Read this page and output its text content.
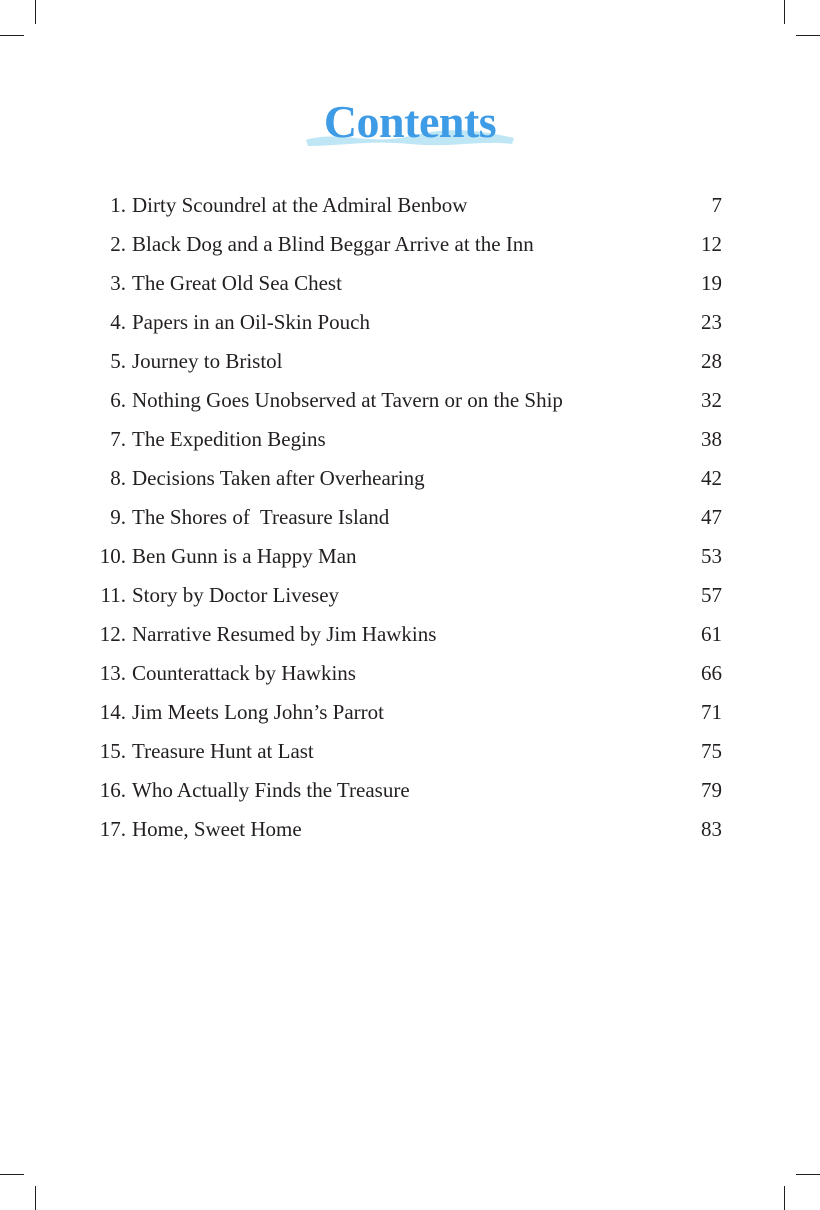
Contents
1. Dirty Scoundrel at the Admiral Benbow	7
2. Black Dog and a Blind Beggar Arrive at the Inn	12
3. The Great Old Sea Chest	19
4. Papers in an Oil-Skin Pouch	23
5. Journey to Bristol	28
6. Nothing Goes Unobserved at Tavern or on the Ship	32
7. The Expedition Begins	38
8. Decisions Taken after Overhearing	42
9. The Shores of  Treasure Island	47
10. Ben Gunn is a Happy Man	53
11. Story by Doctor Livesey	57
12. Narrative Resumed by Jim Hawkins	61
13. Counterattack by Hawkins	66
14. Jim Meets Long John’s Parrot	71
15. Treasure Hunt at Last	75
16. Who Actually Finds the Treasure	79
17. Home, Sweet Home	83
